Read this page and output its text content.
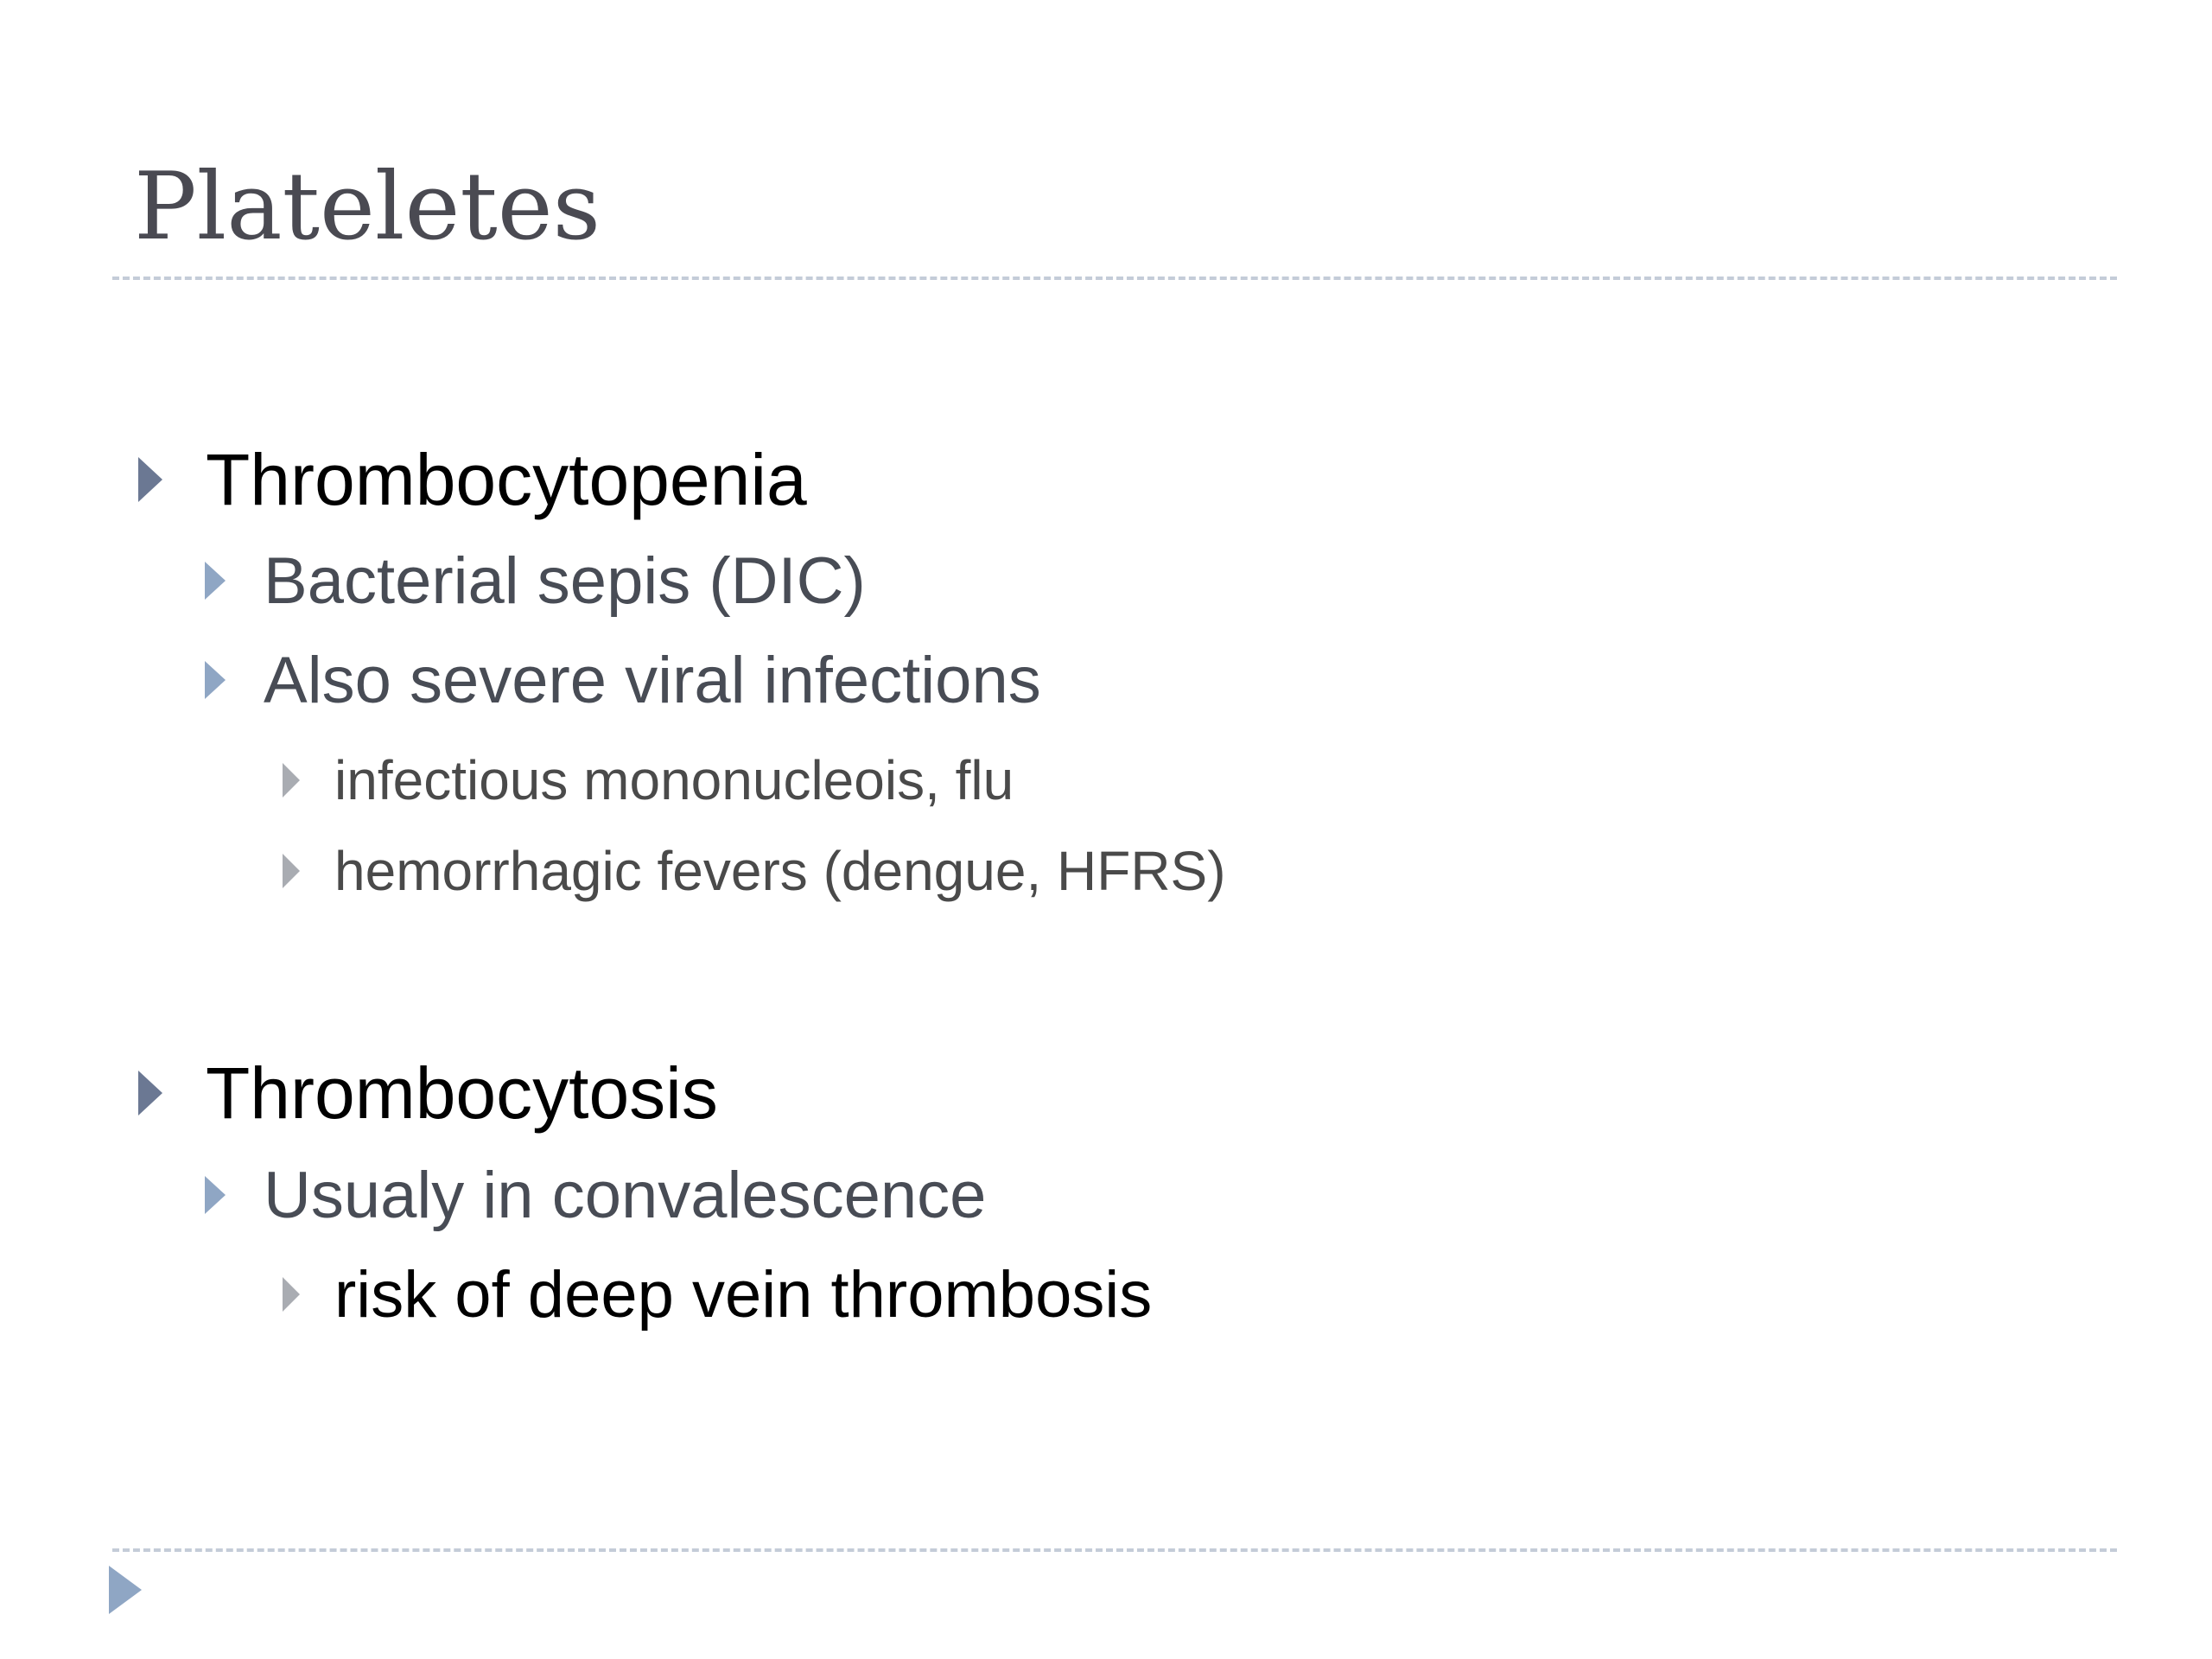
Plateletes
Thrombocytopenia
Bacterial sepis (DIC)
Also severe viral infections
infectious mononucleois, flu
hemorrhagic fevers (dengue, HFRS)
Thrombocytosis
Usualy in convalescence
risk of deep vein thrombosis
